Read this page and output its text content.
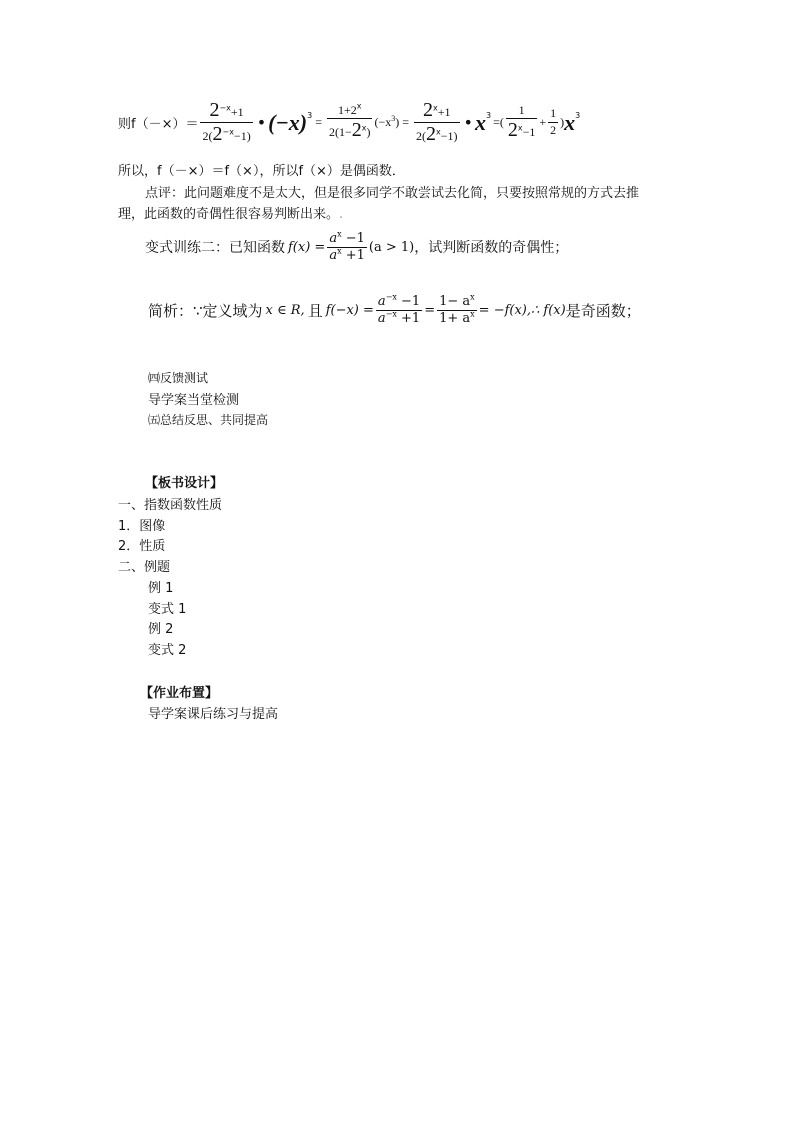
则$f(-\times)= \frac{2^{-x}+1}{2(2^{-x}-1)}$ • (−x) $3 = \frac{1+2^x}{2(1-2^x)} (-x^3) = \frac{2^x+1}{2(2^x-1)}$ • x 3 =( $\frac{1}{2^x-1} + \frac{1}{2}$ ) x 3
所以，f（－×）＝f（×），所以f（×）是偶函数．
点评：此问题难度不是太大，但是很多同学不敢尝试去化简，只要按照常规的方式去推
理，此函数的奇偶性很容易判断出来。.
变式训练二：已知函数 $f(x) = \frac{a^x -1}{a^x +1} (a > 1)$ ，试判断函数的奇偶性；
简析：∵定义域为 x ∈ R, 且 $f(-x) = \frac{a^{-x} -1}{a^{-x} +1} = \frac{1- a^x}{1+ a^x}$ = −f(x),∴ f(x) 是奇函数；
㈣反馈测试
导学案当堂检测
㈤总结反思、共同提高
【板书设计】
一、指数函数性质
1．图像
2．性质
二、例题
例 1
变式 1
例 2
变式 2
【作业布置】
导学案课后练习与提高
